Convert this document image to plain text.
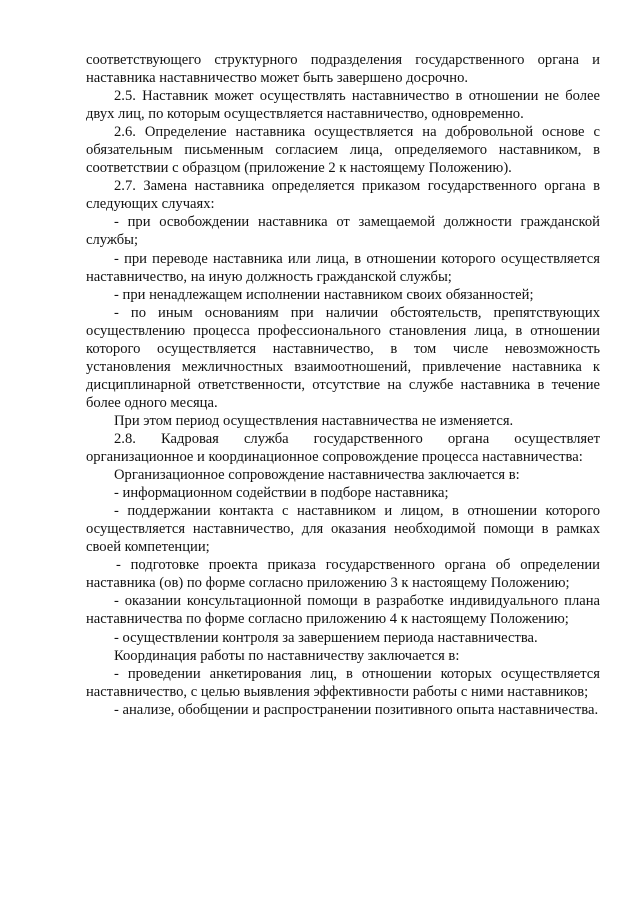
соответствующего структурного подразделения государственного органа и наставника наставничество может быть завершено досрочно.

2.5. Наставник может осуществлять наставничество в отношении не более двух лиц, по которым осуществляется наставничество, одновременно.

2.6. Определение наставника осуществляется на добровольной основе с обязательным письменным согласием лица, определяемого наставником, в соответствии с образцом (приложение 2 к настоящему Положению).

2.7. Замена наставника определяется приказом государственного органа в следующих случаях:

- при освобождении наставника от замещаемой должности гражданской службы;

- при переводе наставника или лица, в отношении которого осуществляется наставничество, на иную должность гражданской службы;

- при ненадлежащем исполнении наставником своих обязанностей;

- по иным основаниям при наличии обстоятельств, препятствующих осуществлению процесса профессионального становления лица, в отношении которого осуществляется наставничество, в том числе невозможность установления межличностных взаимоотношений, привлечение наставника к дисциплинарной ответственности, отсутствие на службе наставника в течение более одного месяца.

При этом период осуществления наставничества не изменяется.

2.8. Кадровая служба государственного органа осуществляет организационное и координационное сопровождение процесса наставничества:

Организационное сопровождение наставничества заключается в:

- информационном содействии в подборе наставника;

- поддержании контакта с наставником и лицом, в отношении которого осуществляется наставничество, для оказания необходимой помощи в рамках своей компетенции;

- подготовке проекта приказа государственного органа об определении наставника (ов) по форме согласно приложению 3 к настоящему Положению;

- оказании консультационной помощи в разработке индивидуального плана наставничества по форме согласно приложению 4 к настоящему Положению;

- осуществлении контроля за завершением периода наставничества.

Координация работы по наставничеству заключается в:

- проведении анкетирования лиц, в отношении которых осуществляется наставничество, с целью выявления эффективности работы с ними наставников;

- анализе, обобщении и распространении позитивного опыта наставничества.
